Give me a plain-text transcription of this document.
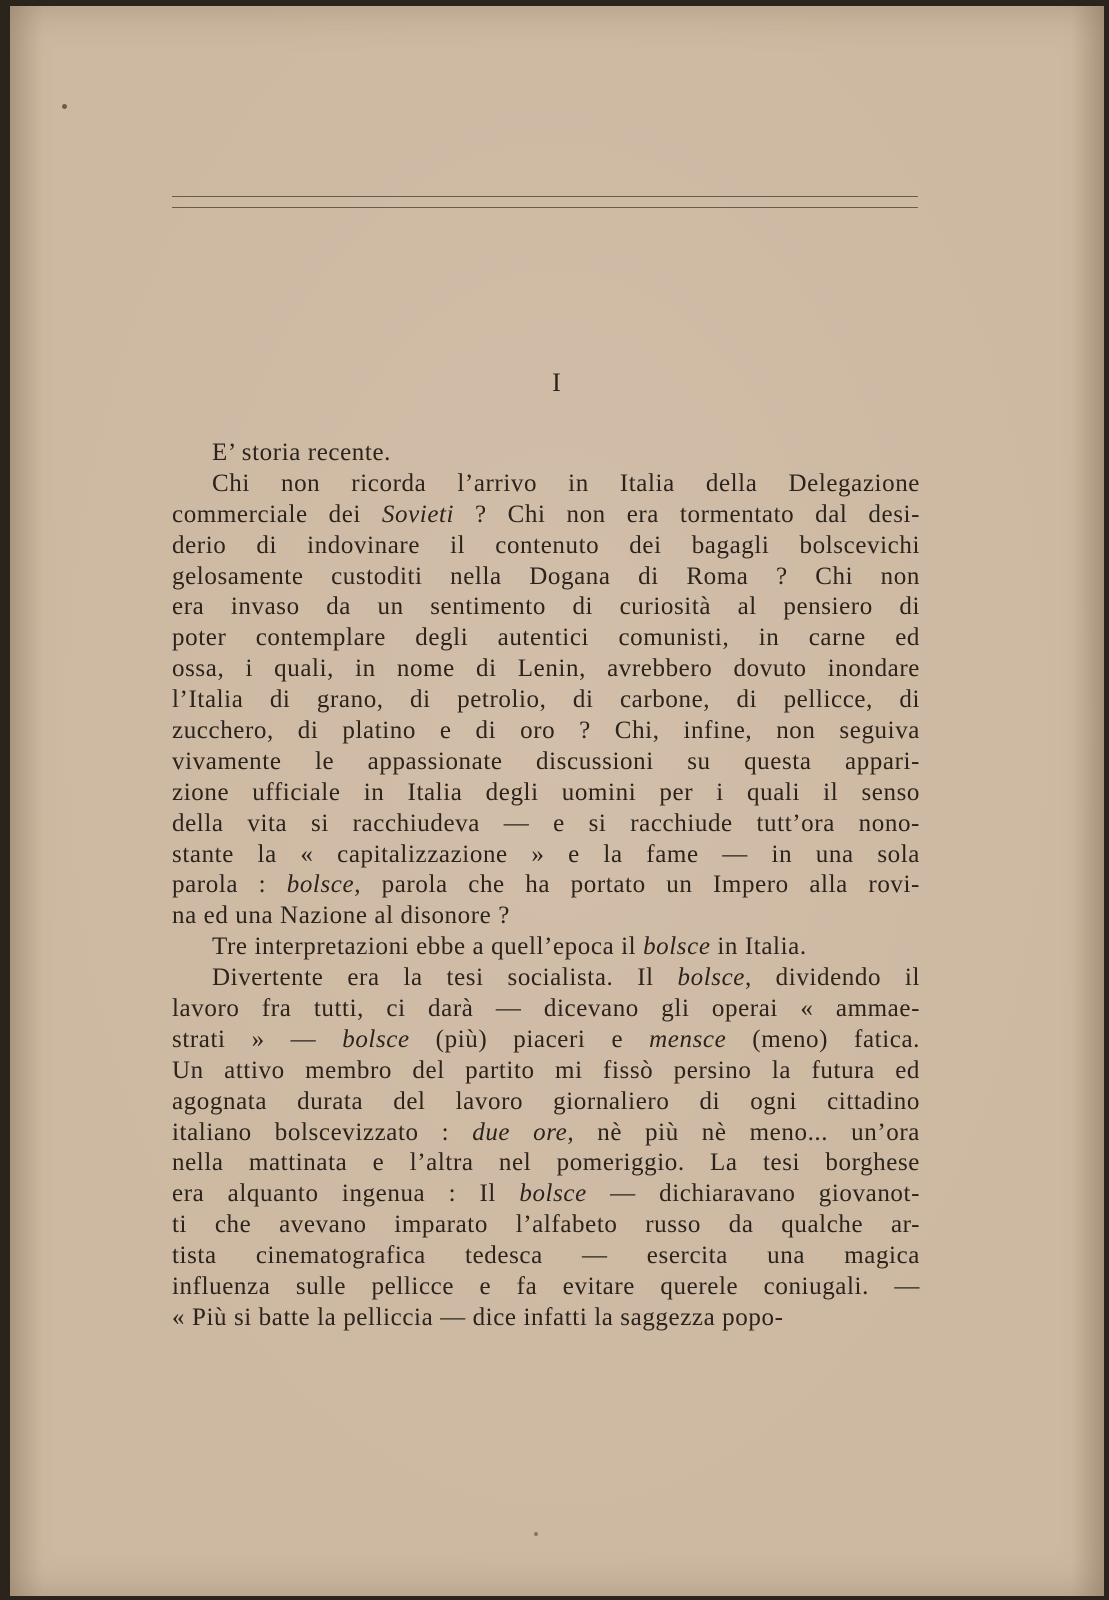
I
E’ storia recente.
Chi non ricorda l’arrivo in Italia della Delegazione
commerciale dei Sovieti ? Chi non era tormentato dal desi-
derio di indovinare il contenuto dei bagagli bolscevichi
gelosamente custoditi nella Dogana di Roma ? Chi non
era invaso da un sentimento di curiosità al pensiero di
poter contemplare degli autentici comunisti, in carne ed
ossa, i quali, in nome di Lenin, avrebbero dovuto inondare
l’Italia di grano, di petrolio, di carbone, di pellicce, di
zucchero, di platino e di oro ? Chi, infine, non seguiva
vivamente le appassionate discussioni su questa appari-
zione ufficiale in Italia degli uomini per i quali il senso
della vita si racchiudeva — e si racchiude tutt’ora nono-
stante la « capitalizzazione » e la fame — in una sola
parola : bolsce, parola che ha portato un Impero alla rovi-
na ed una Nazione al disonore ?
Tre interpretazioni ebbe a quell’epoca il bolsce in Italia.
Divertente era la tesi socialista. Il bolsce, dividendo il
lavoro fra tutti, ci darà — dicevano gli operai « ammae-
strati » — bolsce (più) piaceri e mensce (meno) fatica.
Un attivo membro del partito mi fissò persino la futura ed
agognata durata del lavoro giornaliero di ogni cittadino
italiano bolscevizzato : due ore, nè più nè meno... un’ora
nella mattinata e l’altra nel pomeriggio. La tesi borghese
era alquanto ingenua : Il bolsce — dichiaravano giovanot-
ti che avevano imparato l’alfabeto russo da qualche ar-
tista cinematografica tedesca — esercita una magica
influenza sulle pellicce e fa evitare querele coniugali. —
« Più si batte la pelliccia — dice infatti la saggezza popo-
